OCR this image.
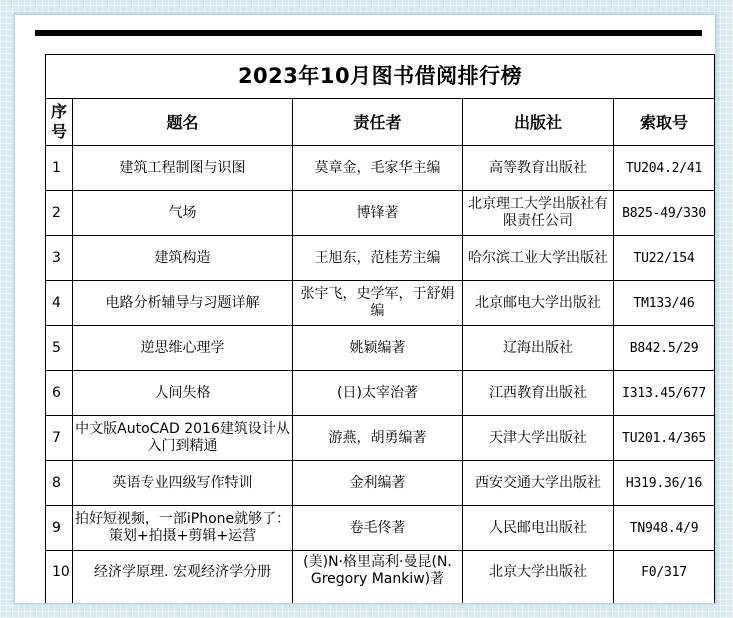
2023年10月图书借阅排行榜				
序号	题名	责任者	出版社	索取号
1	建筑工程制图与识图	莫章金，毛家华主编	高等教育出版社	TU204.2/41
2	气场	博锋著	北京理工大学出版社有限责任公司	B825-49/330
3	建筑构造	王旭东，范桂芳主编	哈尔滨工业大学出版社	TU22/154
4	电路分析辅导与习题详解	张宇飞，史学军，于舒娟编	北京邮电大学出版社	TM133/46
5	逆思维心理学	姚颖编著	辽海出版社	B842.5/29
6	人间失格	(日)太宰治著	江西教育出版社	I313.45/677
7	中文版AutoCAD 2016建筑设计从入门到精通	游燕，胡勇编著	天津大学出版社	TU201.4/365
8	英语专业四级写作特训	金利编著	西安交通大学出版社	H319.36/16
9	拍好短视频，一部iPhone就够了：策划+拍摄+剪辑+运营	卷毛佟著	人民邮电出版社	TN948.4/9
10	经济学原理. 宏观经济学分册	(美)N·格里高利·曼昆(N. Gregory Mankiw)著	北京大学出版社	F0/317
